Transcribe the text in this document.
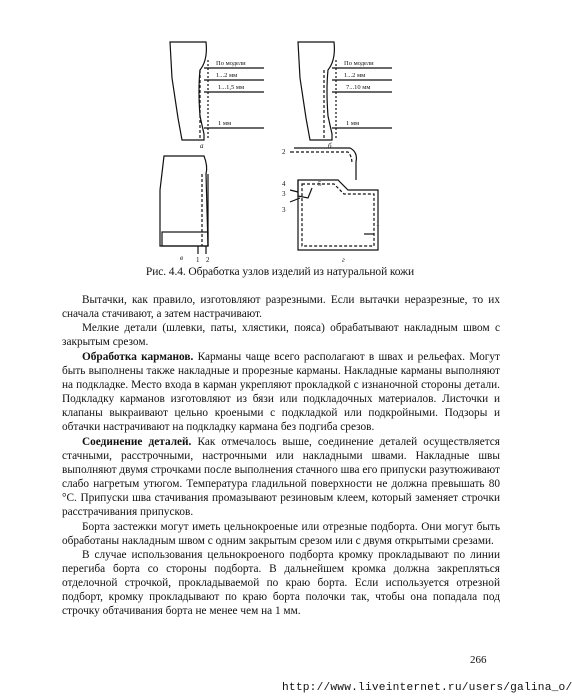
По модели
1...2 мм
1...1,5 мм
1 мм
а
По модели
1...2 мм
7...10 мм
1 мм
б
в 1 2
2
4	5
3
3
1
г
Рис. 4.4. Обработка узлов изделий из натуральной кожи

Вытачки, как правило, изготовляют разрезными. Если вытачки неразрезные, то их сначала стачивают, а затем настрачивают.

Мелкие детали (шлевки, паты, хлястики, пояса) обрабатывают накладным швом с закрытым срезом.

Обработка карманов. Карманы чаще всего располагают в швах и рельефах. Могут быть выполнены также накладные и прорезные карманы. Накладные карманы выполняют на подкладке. Место входа в карман укрепляют прокладкой с изнаночной стороны детали. Подкладку карманов изготовляют из бязи или подкладочных материалов. Листочки и клапаны выкраивают цельно кроеными с подкладкой или подкройными. Подзоры и обтачки настрачивают на подкладку кармана без подгиба срезов.

Соединение деталей. Как отмечалось выше, соединение деталей осуществляется стачными, расстрочными, настрочными или накладными швами. Накладные швы выполняют двумя строчками после выполнения стачного шва его припуски разутюживают слабо нагретым утюгом. Температура гладильной поверхности не должна превышать 80 °С. Припуски шва стачивания промазывают резиновым клеем, который заменяет строчки расстрачивания припусков.

Борта застежки могут иметь цельнокроеные или отрезные подборта. Они могут быть обработаны накладным швом с одним закрытым срезом или с двумя открытыми срезами.

В случае использования цельнокроеного подборта кромку прокладывают по линии перегиба борта со стороны подборта. В дальнейшем кромка должна закрепляться отделочной строчкой, прокладываемой по краю борта. Если используется отрезной подборт, кромку прокладывают по краю борта полочки так, чтобы она попадала под строчку обтачивания борта не менее чем на 1 мм.

266
http://www.liveinternet.ru/users/galina_o/
